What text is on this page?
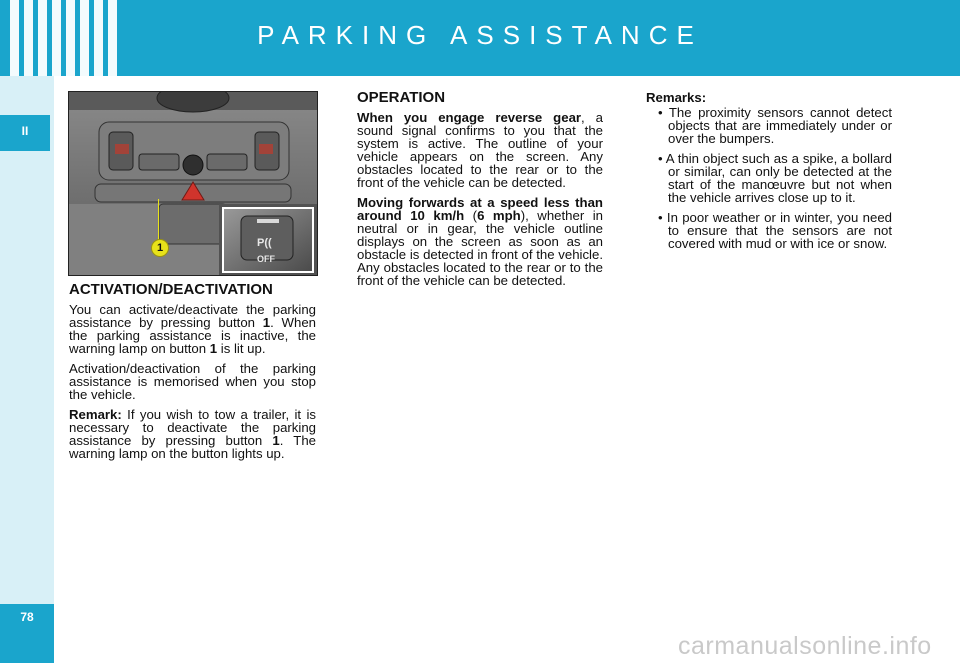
PARKING ASSISTANCE
II
78
P((
OFF
1
ACTIVATION/DEACTIVATION

You can activate/deactivate the parking assistance by pressing button 1. When the parking assistance is inactive, the warning lamp on button 1 is lit up.

Activation/deactivation of the parking assistance is memorised when you stop the vehicle.

Remark: If you wish to tow a trailer, it is necessary to deactivate the parking assistance by pressing button 1. The warning lamp on the button lights up.

OPERATION

When you engage reverse gear, a sound signal confirms to you that the system is active. The outline of your vehicle appears on the screen. Any obstacles located to the rear or to the front of the vehicle can be detected.

Moving forwards at a speed less than around 10 km/h (6 mph), whether in neutral or in gear, the vehicle outline displays on the screen as soon as an obstacle is detected in front of the vehicle. Any obstacles located to the rear or to the front of the vehicle can be detected.

Remarks:

• The proximity sensors cannot detect objects that are immediately under or over the bumpers.
• A thin object such as a spike, a bollard or similar, can only be detected at the start of the manœuvre but not when the vehicle arrives close up to it.
• In poor weather or in winter, you need to ensure that the sensors are not covered with mud or with ice or snow.
carmanualsonline.info
